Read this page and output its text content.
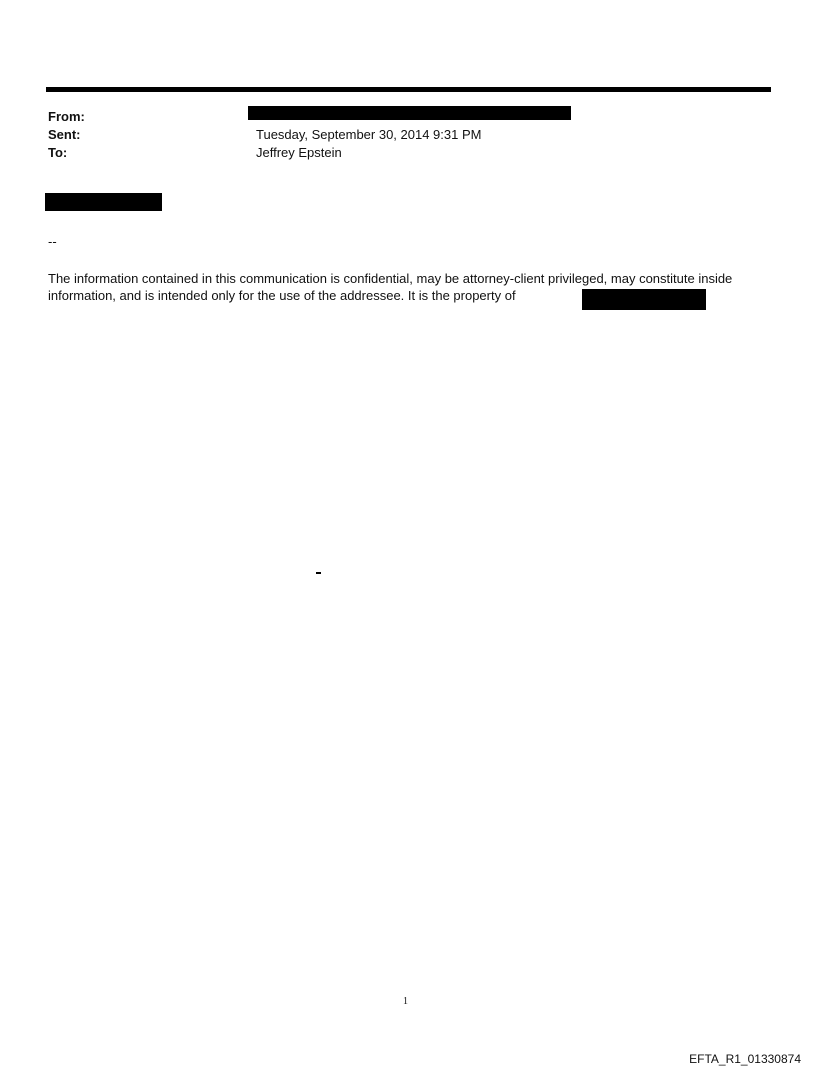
From:
Sent:	Tuesday, September 30, 2014 9:31 PM
To:	Jeffrey Epstein
--
The information contained in this communication is confidential, may be attorney-client privileged, may constitute inside information, and is intended only for the use of the addressee. It is the property of
1
EFTA_R1_01330874
